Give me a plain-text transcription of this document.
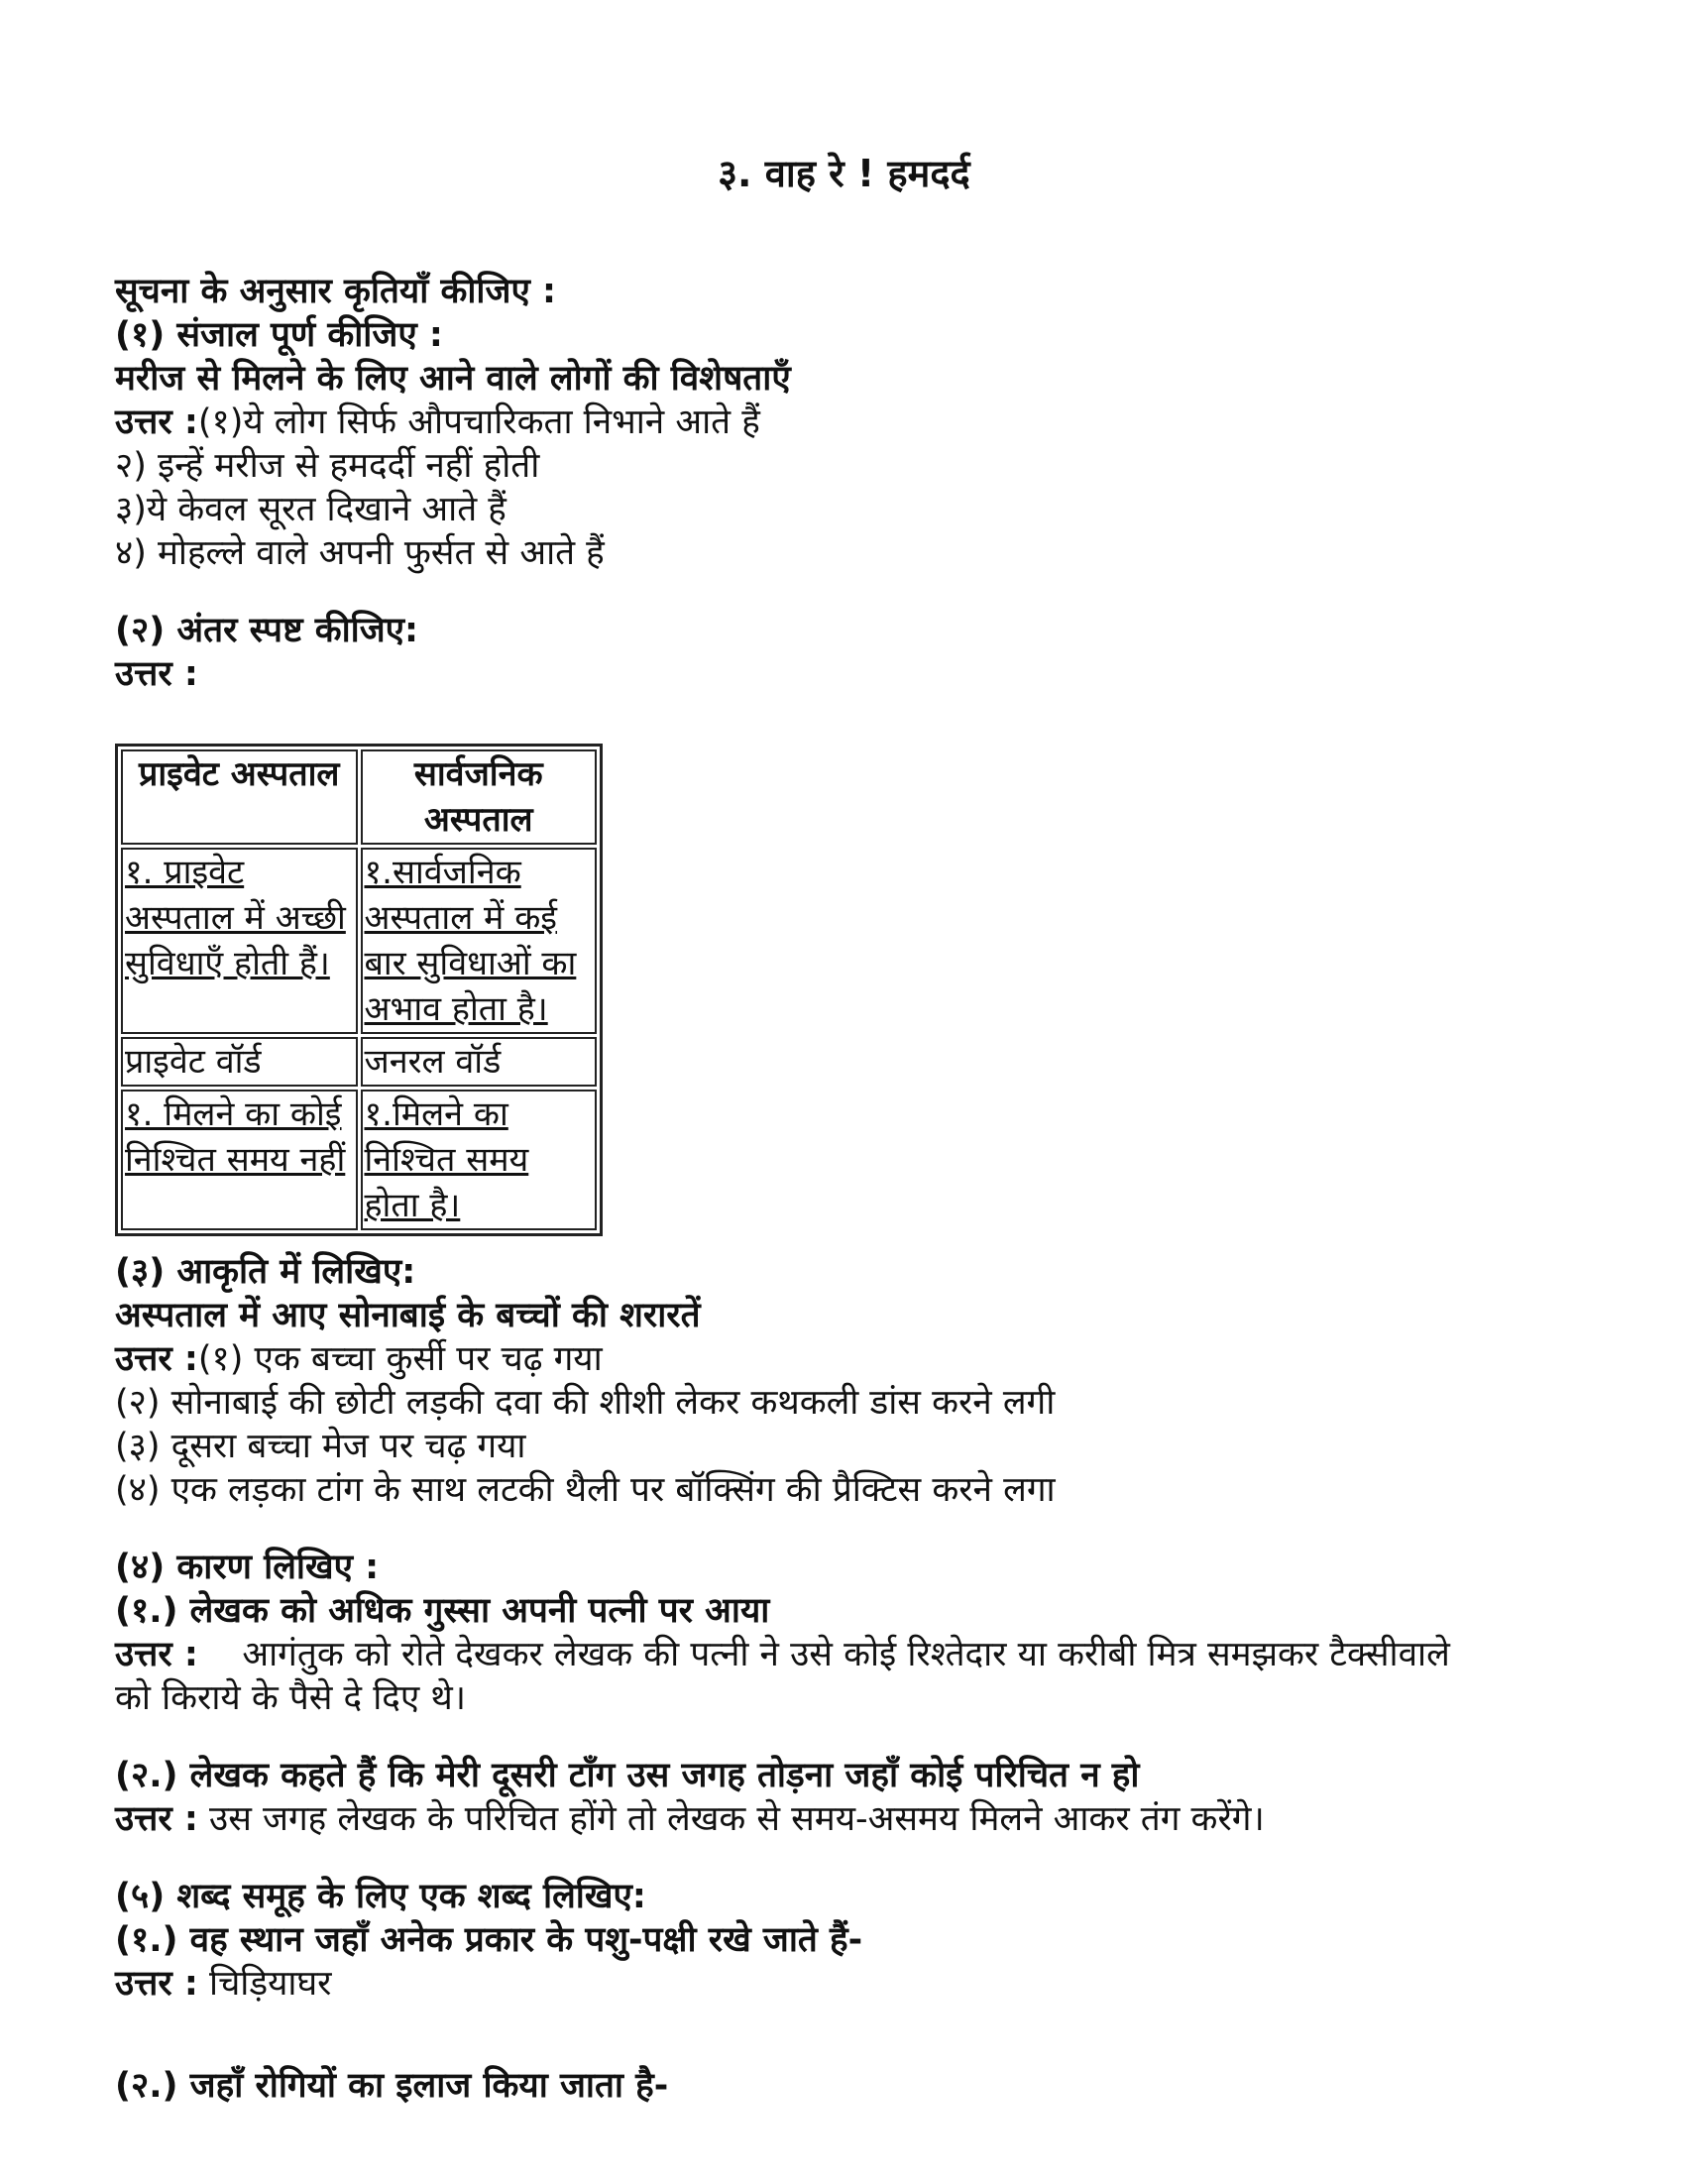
३. वाह रे ! हमदर्द
सूचना के अनुसार कृतियाँ कीजिए :
(१) संजाल पूर्ण कीजिए :
मरीज से मिलने के लिए आने वाले लोगों की विशेषताएँ
उत्तर :(१)ये लोग सिर्फ औपचारिकता निभाने आते हैं
२) इन्हें मरीज से हमदर्दी नहीं होती
३)ये केवल सूरत दिखाने आते हैं
४) मोहल्ले वाले अपनी फुर्सत से आते हैं
(२) अंतर स्पष्ट कीजिए:
उत्तर :
प्राइवेट अस्पताल	सार्वजनिक अस्पताल
१. प्राइवेट अस्पताल में अच्छी सुविधाएँ होती हैं।	१.सार्वजनिक अस्पताल में कई बार सुविधाओं का अभाव होता है।
प्राइवेट वॉर्ड	जनरल वॉर्ड
१. मिलने का कोई निश्चित समय नहीं	१.मिलने का निश्चित समय होता है।
(३) आकृति में लिखिए:
अस्पताल में आए सोनाबाई के बच्चों की शरारतें
उत्तर :(१) एक बच्चा कुर्सी पर चढ़ गया
(२) सोनाबाई की छोटी लड़की दवा की शीशी लेकर कथकली डांस करने लगी
(३) दूसरा बच्चा मेज पर चढ़ गया
(४) एक लड़का टांग के साथ लटकी थैली पर बॉक्सिंग की प्रैक्टिस करने लगा
(४) कारण लिखिए :
(१.) लेखक को अधिक गुस्सा अपनी पत्नी पर आया
उत्तर : आगंतुक को रोते देखकर लेखक की पत्नी ने उसे कोई रिश्तेदार या करीबी मित्र समझकर टैक्सीवाले
को किराये के पैसे दे दिए थे।
(२.) लेखक कहते हैं कि मेरी दूसरी टाँग उस जगह तोड़ना जहाँ कोई परिचित न हो
उत्तर : उस जगह लेखक के परिचित होंगे तो लेखक से समय-असमय मिलने आकर तंग करेंगे।
(५) शब्द समूह के लिए एक शब्द लिखिए:
(१.) वह स्थान जहाँ अनेक प्रकार के पशु-पक्षी रखे जाते हैं-
उत्तर : चिड़ियाघर
(२.) जहाँ रोगियों का इलाज किया जाता है-
